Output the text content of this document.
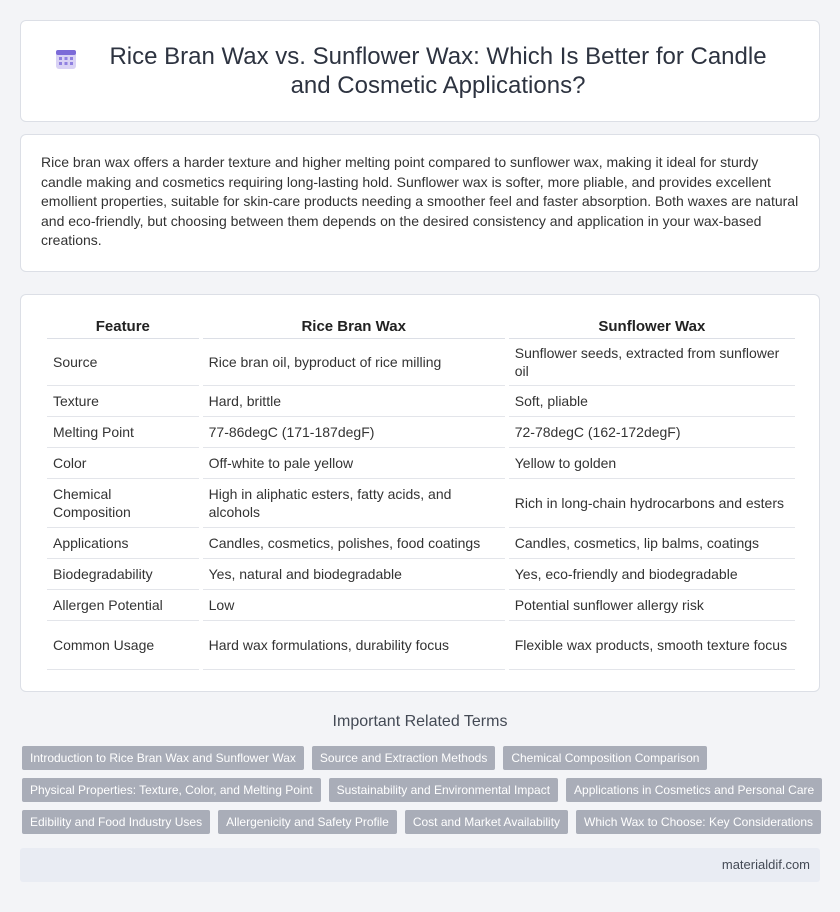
Rice Bran Wax vs. Sunflower Wax: Which Is Better for Candle and Cosmetic Applications?

Rice bran wax offers a harder texture and higher melting point compared to sunflower wax, making it ideal for sturdy candle making and cosmetics requiring long-lasting hold. Sunflower wax is softer, more pliable, and provides excellent emollient properties, suitable for skin-care products needing a smoother feel and faster absorption. Both waxes are natural and eco-friendly, but choosing between them depends on the desired consistency and application in your wax-based creations.

Feature	Rice Bran Wax	Sunflower Wax
Source	Rice bran oil, byproduct of rice milling	Sunflower seeds, extracted from sunflower oil
Texture	Hard, brittle	Soft, pliable
Melting Point	77-86degC (171-187degF)	72-78degC (162-172degF)
Color	Off-white to pale yellow	Yellow to golden
Chemical Composition	High in aliphatic esters, fatty acids, and alcohols	Rich in long-chain hydrocarbons and esters
Applications	Candles, cosmetics, polishes, food coatings	Candles, cosmetics, lip balms, coatings
Biodegradability	Yes, natural and biodegradable	Yes, eco-friendly and biodegradable
Allergen Potential	Low	Potential sunflower allergy risk
Common Usage	Hard wax formulations, durability focus	Flexible wax products, smooth texture focus
Important Related Terms
Introduction to Rice Bran Wax and Sunflower Wax	Source and Extraction Methods	Chemical Composition Comparison
Physical Properties: Texture, Color, and Melting Point	Sustainability and Environmental Impact	Applications in Cosmetics and Personal Care
Edibility and Food Industry Uses	Allergenicity and Safety Profile	Cost and Market Availability	Which Wax to Choose: Key Considerations
materialdif.com
